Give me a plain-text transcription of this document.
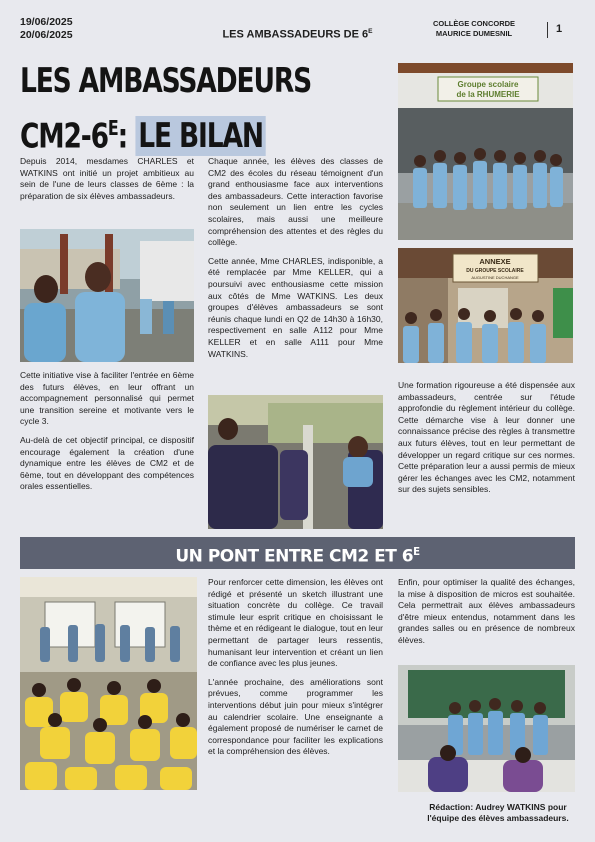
19/06/2025
20/06/2025	LES AMBASSADEURS DE $6^E$
COLLÈGE CONCORDE
MAURICE DUMESNIL	1
LES AMBASSADEURS
$CM2-6^E$: LE BILAN

Depuis 2014, mesdames CHARLES et WATKINS ont initié un projet ambitieux au sein de l'une de leurs classes de 6ème : la préparation de six élèves ambassadeurs.

Cette initiative vise à faciliter l'entrée en 6ème des futurs élèves, en leur offrant un accompagnement personnalisé qui permet une transition sereine et motivante vers le cycle 3.

Au-delà de cet objectif principal, ce dispositif encourage également la création d'une dynamique entre les élèves de CM2 et de 6ème, tout en développant des compétences orales essentielles.

Chaque année, les élèves des classes de CM2 des écoles du réseau témoignent d'un grand enthousiasme face aux interventions des ambassadeurs. Cette interaction favorise non seulement un lien entre les cycles scolaires, mais aussi une meilleure compréhension des attentes et des règles du collège.

Cette année, Mme CHARLES, indisponible, a été remplacée par Mme KELLER, qui a poursuivi avec enthousiasme cette mission aux côtés de Mme WATKINS. Les deux groupes d'élèves ambassadeurs se sont réunis chaque lundi en Q2 de 14h30 à 16h30, respectivement en salle A112 pour Mme KELLER et en salle A111 pour Mme WATKINS.

Groupe scolaire
de la RHUMERIE
ANNEXE
DU GROUPE SCOLAIRE
AUGUSTINE DUCHANGE

Une formation rigoureuse a été dispensée aux ambassadeurs, centrée sur l'étude approfondie du règlement intérieur du collège. Cette démarche vise à leur donner une connaissance précise des règles à transmettre aux futurs élèves, tout en leur permettant de développer un regard critique sur ces normes. Cette préparation leur a aussi permis de mieux gérer les échanges avec les CM2, notamment sur des sujets sensibles.

UN PONT ENTRE CM2 ET $6^E$

Pour renforcer cette dimension, les élèves ont rédigé et présenté un sketch illustrant une situation concrète du collège. Ce travail stimule leur esprit critique en choisissant le thème et en rédigeant le dialogue, tout en leur permettant de partager leurs ressentis, humanisant leur intervention et créant un lien de confiance avec les plus jeunes.

L'année prochaine, des améliorations sont prévues, comme programmer les interventions début juin pour mieux s'intégrer au calendrier scolaire. Une enseignante a également proposé de numériser le carnet de correspondance pour faciliter les explications et la compréhension des élèves.

Enfin, pour optimiser la qualité des échanges, la mise à disposition de micros est souhaitée. Cela permettrait aux élèves ambassadeurs d'être mieux entendus, notamment dans les grandes salles ou en présence de nombreux élèves.

Rédaction: Audrey WATKINS pour
l'équipe des élèves ambassadeurs.
